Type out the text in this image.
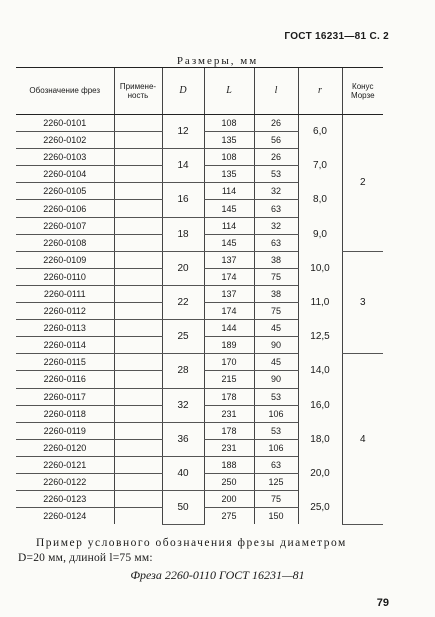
ГОСТ 16231—81 С. 2
Размеры, мм
Обозначение фрез	Примене-ность	D	L	l	r	Конус Морзе
2260-0101		12	108	26	6,0	2
2260-0102			135	56		
2260-0103		14	108	26	7,0	
2260-0104			135	53		
2260-0105		16	114	32	8,0	
2260-0106			145	63		
2260-0107		18	114	32	9,0	
2260-0108			145	63		
2260-0109		20	137	38	10,0	3
2260-0110			174	75		
2260-0111		22	137	38	11,0	
2260-0112			174	75		
2260-0113		25	144	45	12,5	
2260-0114			189	90		
2260-0115		28	170	45	14,0	4
2260-0116			215	90		
2260-0117		32	178	53	16,0	
2260-0118			231	106		
2260-0119		36	178	53	18,0	
2260-0120			231	106		
2260-0121		40	188	63	20,0	
2260-0122			250	125		
2260-0123		50	200	75	25,0	
2260-0124			275	150		
Пример условного обозначения фрезы диаметром
D=20 мм, длиной l=75 мм:
Фреза 2260-0110 ГОСТ 16231—81
79
